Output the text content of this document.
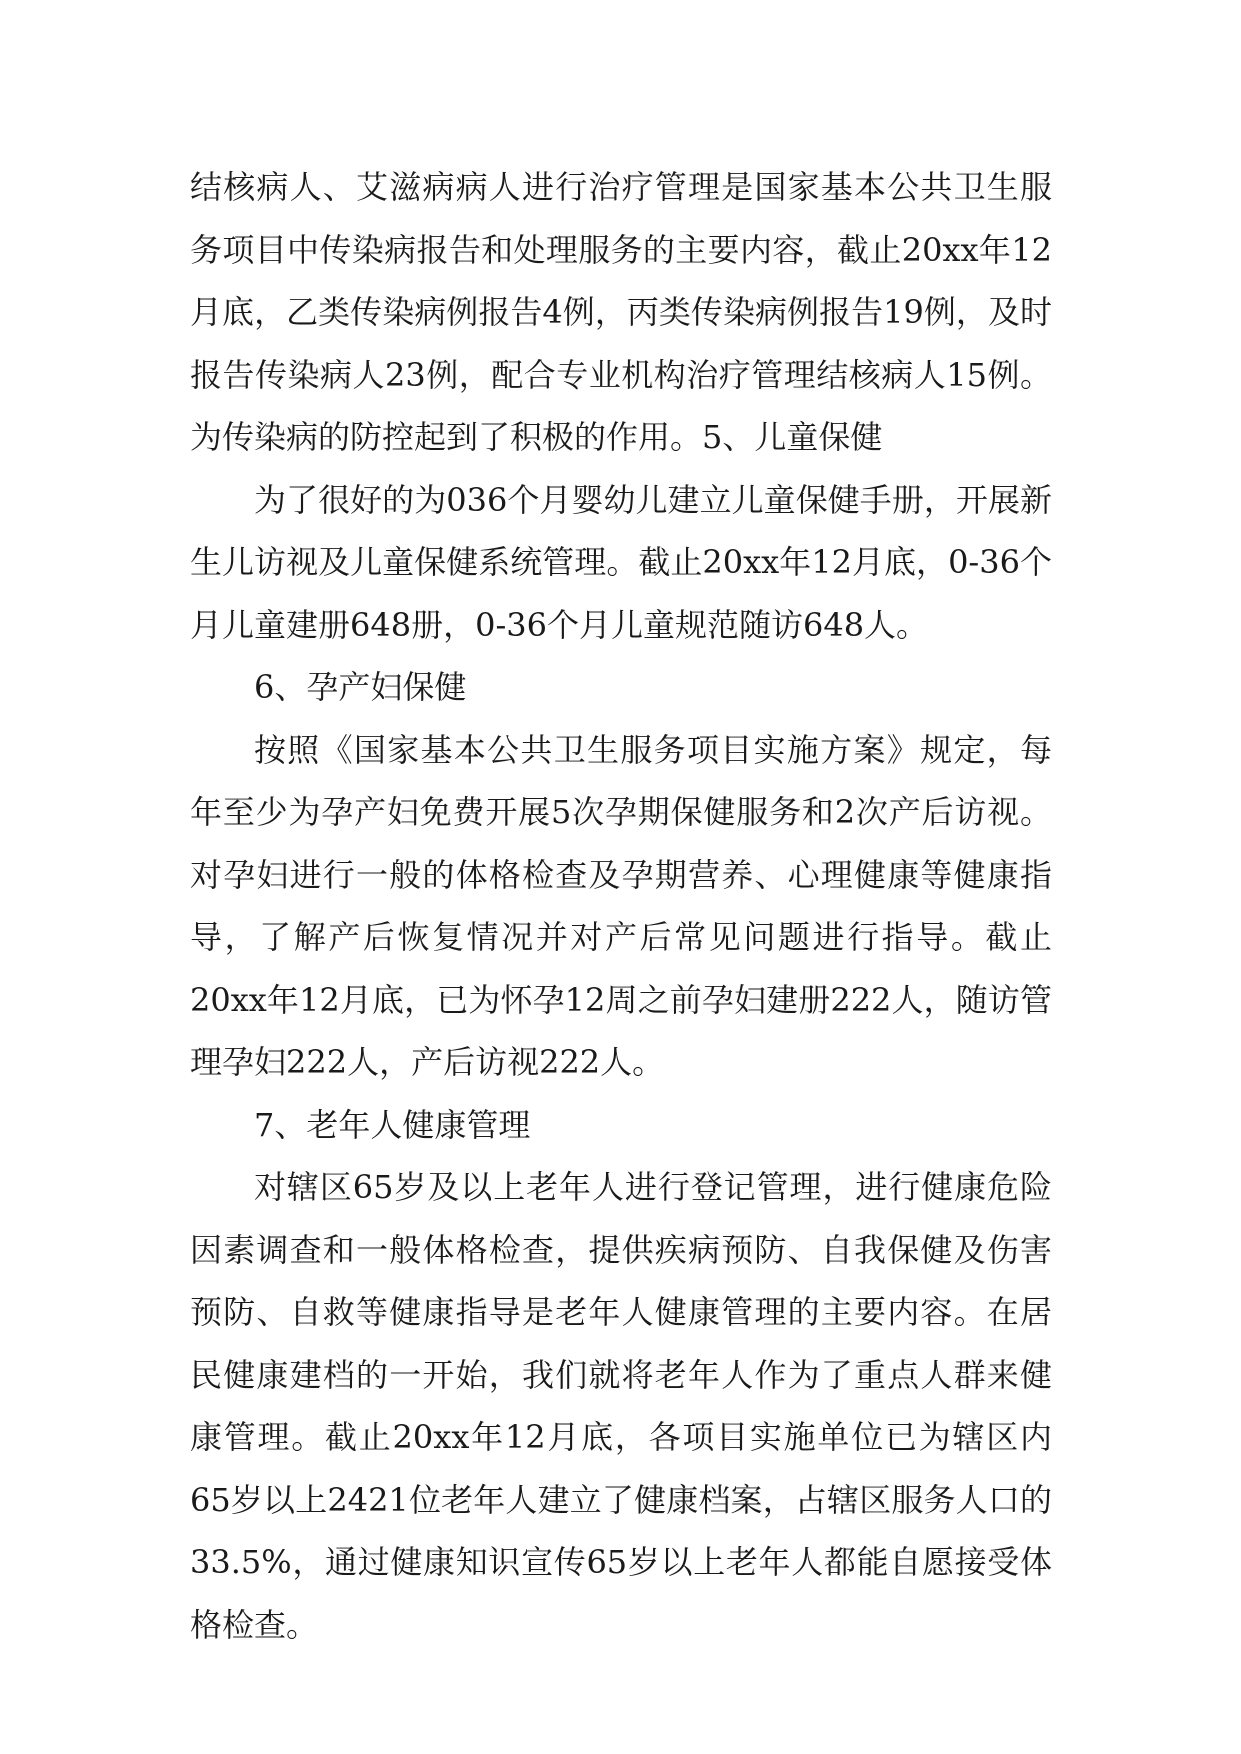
结核病人、艾滋病病人进行治疗管理是国家基本公共卫生服务项目中传染病报告和处理服务的主要内容，截止20xx年12月底，乙类传染病例报告4例，丙类传染病例报告19例，及时报告传染病人23例，配合专业机构治疗管理结核病人15例。为传染病的防控起到了积极的作用。5、儿童保健

为了很好的为036个月婴幼儿建立儿童保健手册，开展新生儿访视及儿童保健系统管理。截止20xx年12月底，0-36个月儿童建册648册，0-36个月儿童规范随访648人。

6、孕产妇保健

按照《国家基本公共卫生服务项目实施方案》规定，每年至少为孕产妇免费开展5次孕期保健服务和2次产后访视。对孕妇进行一般的体格检查及孕期营养、心理健康等健康指导，了解产后恢复情况并对产后常见问题进行指导。截止20xx年12月底，已为怀孕12周之前孕妇建册222人，随访管理孕妇222人，产后访视222人。

7、老年人健康管理

对辖区65岁及以上老年人进行登记管理，进行健康危险因素调查和一般体格检查，提供疾病预防、自我保健及伤害预防、自救等健康指导是老年人健康管理的主要内容。在居民健康建档的一开始，我们就将老年人作为了重点人群来健康管理。截止20xx年12月底，各项目实施单位已为辖区内65岁以上2421位老年人建立了健康档案，占辖区服务人口的33.5%，通过健康知识宣传65岁以上老年人都能自愿接受体格检查。
